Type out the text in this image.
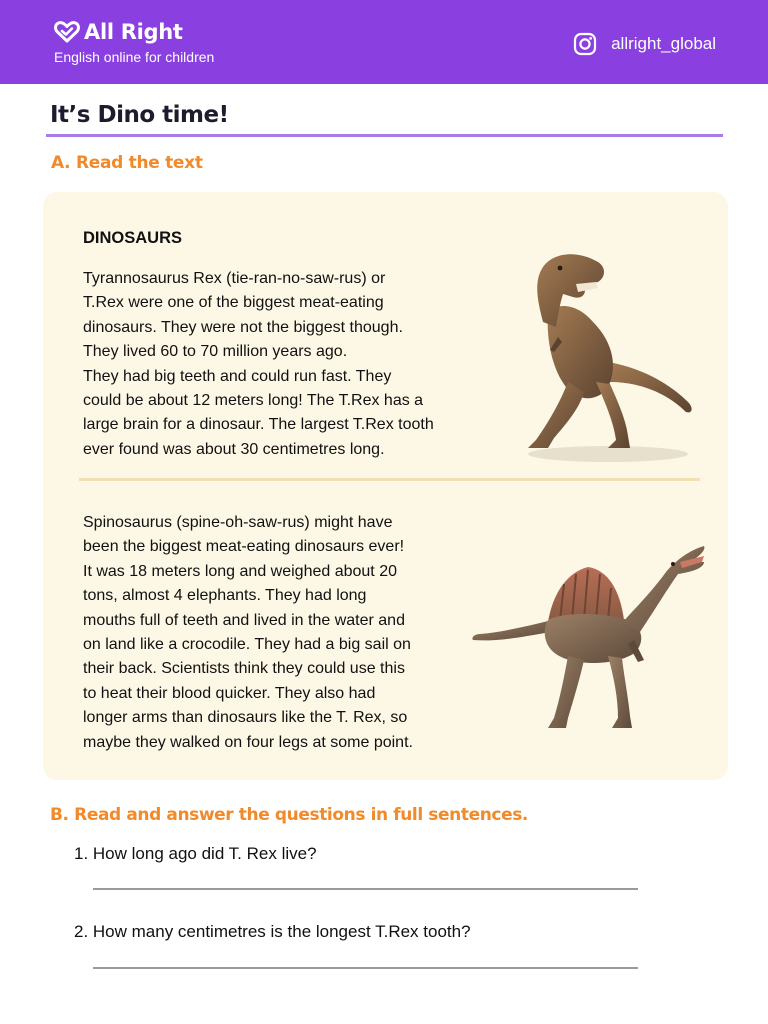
All Right
English online for children
allright_global
It’s Dino time!
A. Read the text
DINOSAURS
Tyrannosaurus Rex (tie-ran-no-saw-rus) or
T.Rex were one of the biggest meat-eating
dinosaurs. They were not the biggest though.
They lived 60 to 70 million years ago.
They had big teeth and could run fast. They
could be about 12 meters long! The T.Rex has a
large brain for a dinosaur. The largest T.Rex tooth
ever found was about 30 centimetres long.
Spinosaurus (spine-oh-saw-rus) might have
been the biggest meat-eating dinosaurs ever!
It was 18 meters long and weighed about 20
tons, almost 4 elephants. They had long
mouths full of teeth and lived in the water and
on land like a crocodile. They had a big sail on
their back. Scientists think they could use this
to heat their blood quicker. They also had
longer arms than dinosaurs like the T. Rex, so
maybe they walked on four legs at some point.
B. Read and answer the questions in full sentences.
1. How long ago did T. Rex live?
2. How many centimetres is the longest T.Rex tooth?
